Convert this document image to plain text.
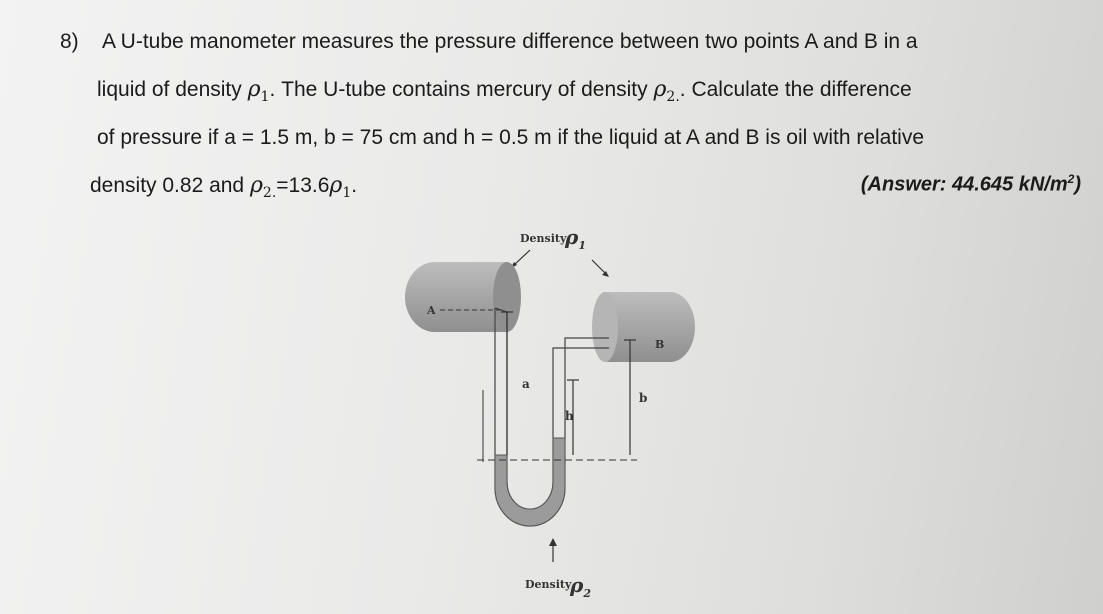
8) A U-tube manometer measures the pressure difference between two points A and B in a
liquid of density $\rho_1$. The U-tube contains mercury of density $\rho_{2.}$. Calculate the difference
of pressure if a = 1.5 m, b = 75 cm and h = 0.5 m if the liquid at A and B is oil with relative
density 0.82 and $\rho_{2.}=13.6\rho_1$.	(Answer: 44.645 $kN/m^2$)
Density
$\rho_1$
A
B
a
h
b
Density
$\rho_2$
